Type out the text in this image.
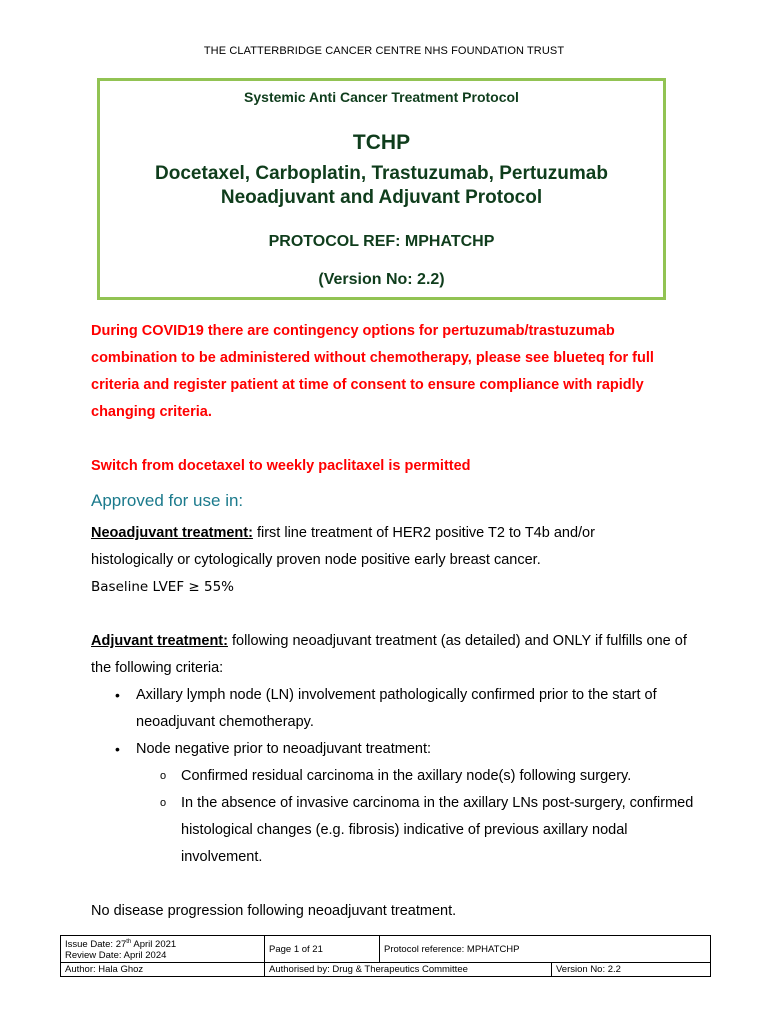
THE CLATTERBRIDGE CANCER CENTRE NHS FOUNDATION TRUST
Systemic Anti Cancer Treatment Protocol
TCHP
Docetaxel, Carboplatin, Trastuzumab, Pertuzumab
Neoadjuvant and Adjuvant Protocol
PROTOCOL REF: MPHATCHP
(Version No: 2.2)
During COVID19 there are contingency options for pertuzumab/trastuzumab combination to be administered without chemotherapy, please see blueteq for full criteria and register patient at time of consent to ensure compliance with rapidly changing criteria.
Switch from docetaxel to weekly paclitaxel is permitted
Approved for use in:
Neoadjuvant treatment: first line treatment of HER2 positive T2 to T4b and/or histologically or cytologically proven node positive early breast cancer.
Baseline LVEF ≥ 55%
Adjuvant treatment: following neoadjuvant treatment (as detailed) and ONLY if fulfills one of the following criteria:
• Axillary lymph node (LN) involvement pathologically confirmed prior to the start of neoadjuvant chemotherapy.
• Node negative prior to neoadjuvant treatment:
o Confirmed residual carcinoma in the axillary node(s) following surgery.
o In the absence of invasive carcinoma in the axillary LNs post-surgery, confirmed histological changes (e.g. fibrosis) indicative of previous axillary nodal involvement.
No disease progression following neoadjuvant treatment.
Issue Date: 27th April 2021
Review Date: April 2024	Page 1 of 21	Protocol reference: MPHATCHP	
Author: Hala Ghoz	Authorised by: Drug & Therapeutics Committee		Version No: 2.2
